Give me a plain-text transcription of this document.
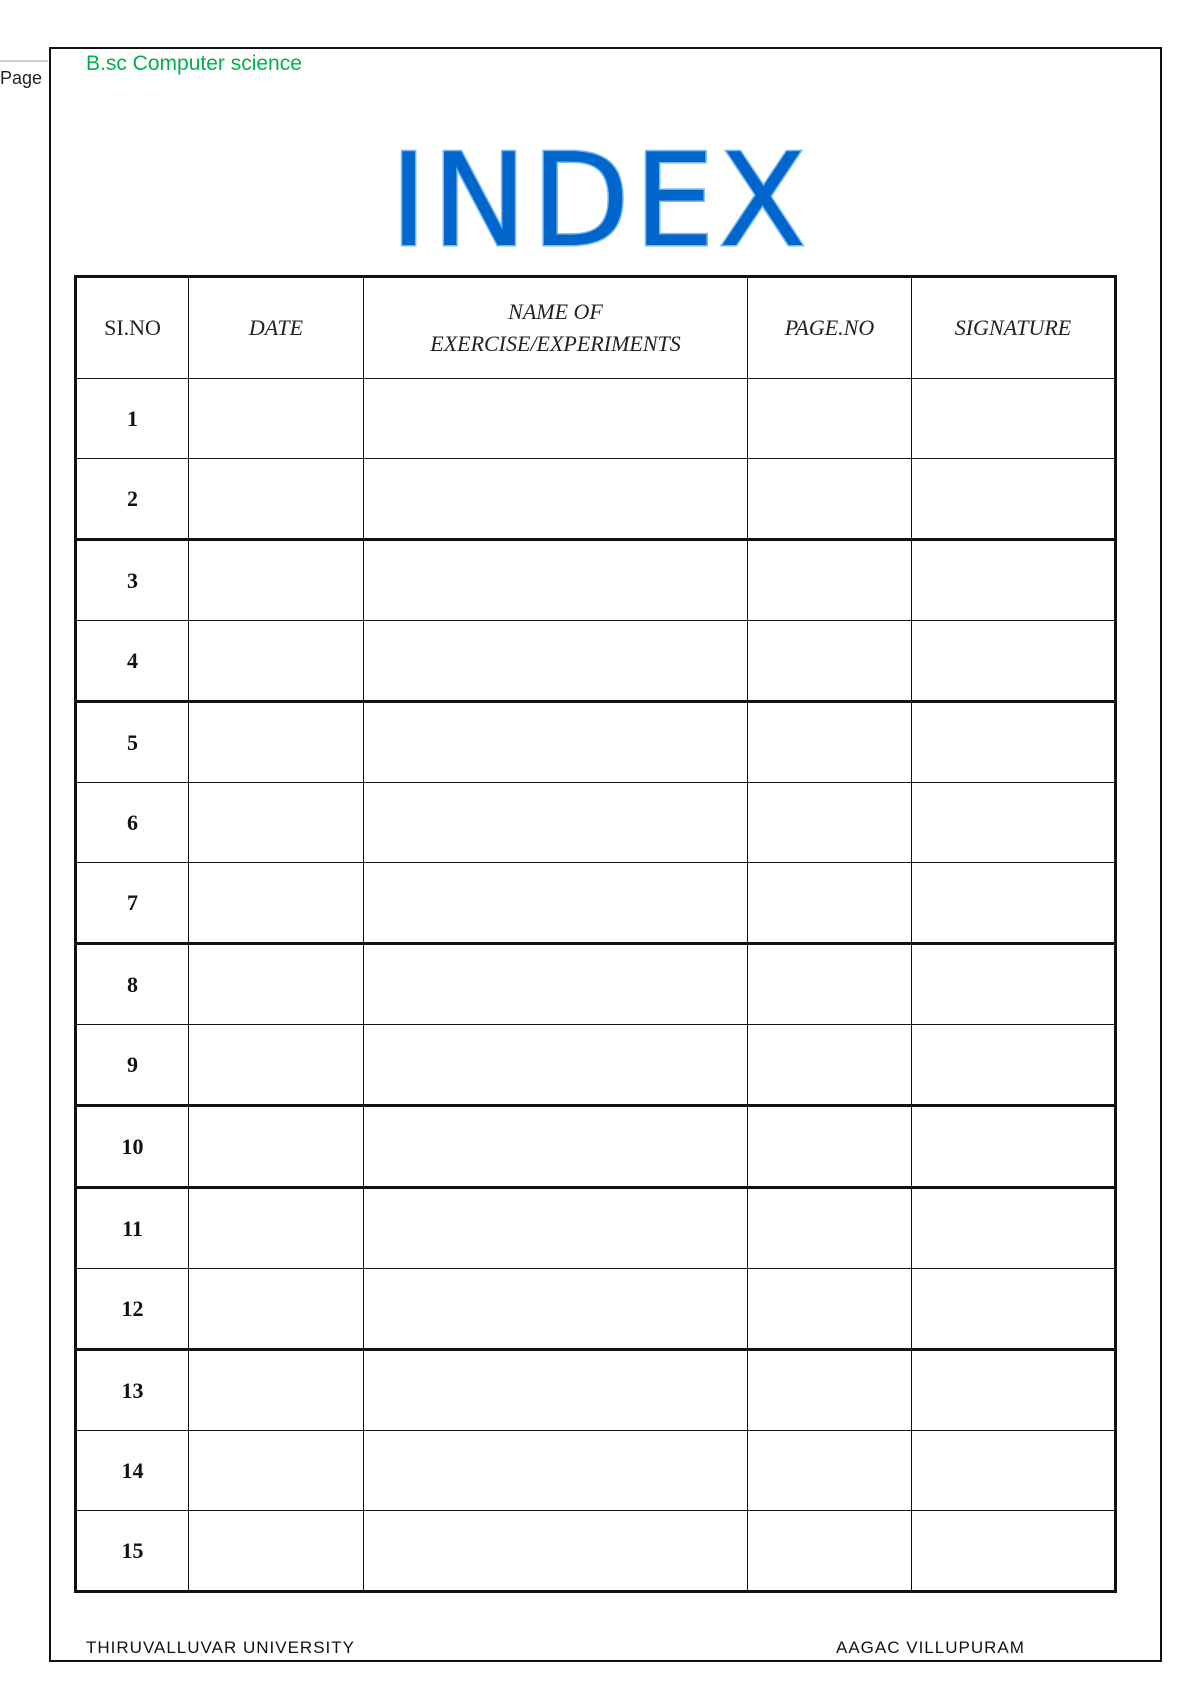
Page
B.sc Computer science
INDEX
SI.NO	DATE	NAME OF EXERCISE/EXPERIMENTS	PAGE.NO	SIGNATURE
1				
2				
3				
4				
5				
6				
7				
8				
9				
10				
11				
12				
13				
14				
15				
THIRUVALLUVAR UNIVERSITY	AAGAC VILLUPURAM
